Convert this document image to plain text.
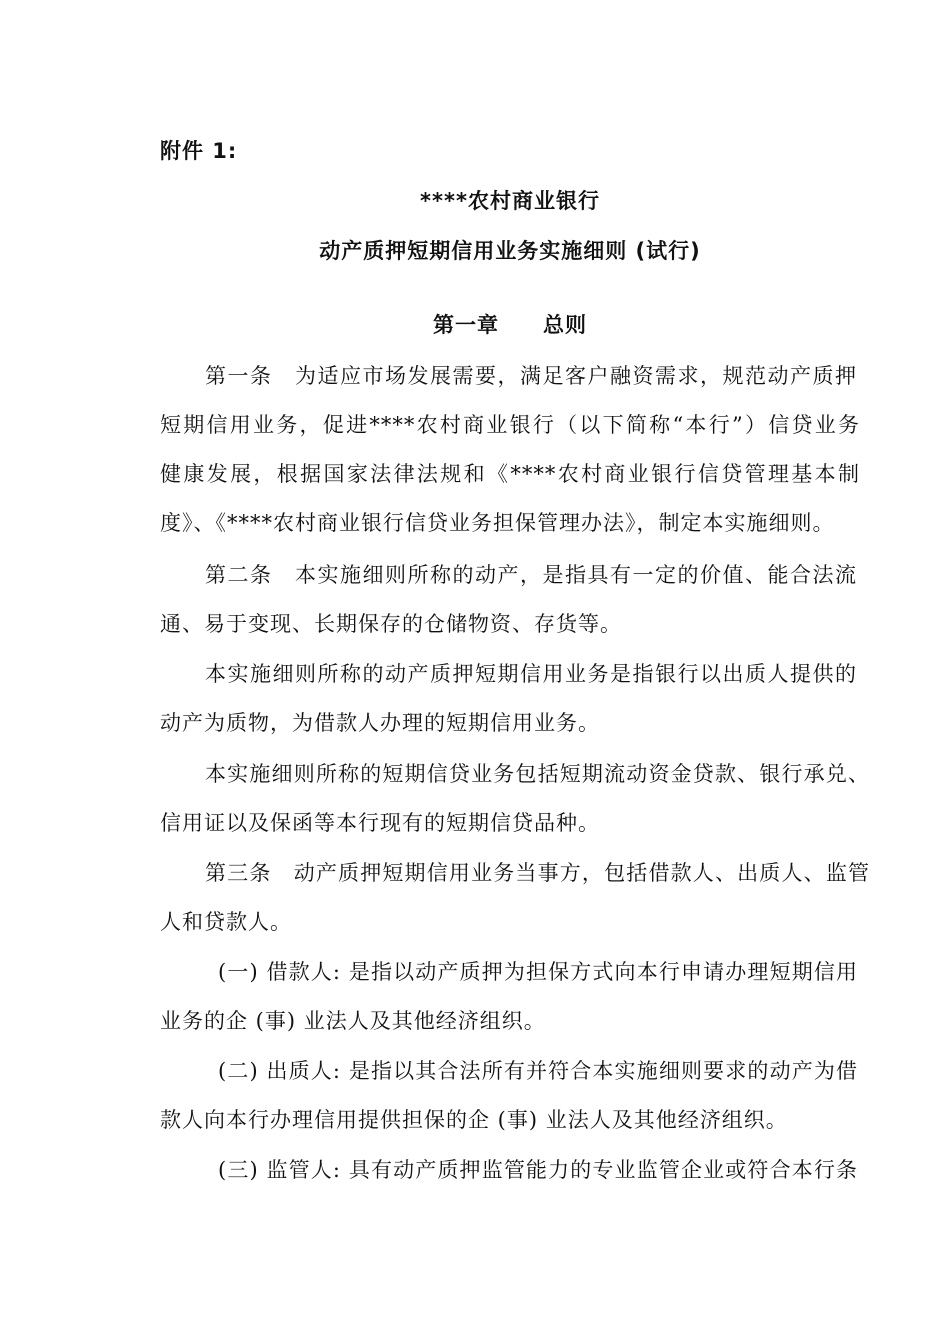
附件 1:
****农村商业银行
动产质押短期信用业务实施细则 (试行)
第一章　　总则
第一条　为适应市场发展需要，满足客户融资需求，规范动产质押
短期信用业务，促进****农村商业银行（以下简称“本行”）信贷业务
健康发展，根据国家法律法规和《****农村商业银行信贷管理基本制
度》、《****农村商业银行信贷业务担保管理办法》，制定本实施细则。
第二条　本实施细则所称的动产，是指具有一定的价值、能合法流
通、易于变现、长期保存的仓储物资、存货等。
本实施细则所称的动产质押短期信用业务是指银行以出质人提供的
动产为质物，为借款人办理的短期信用业务。
本实施细则所称的短期信贷业务包括短期流动资金贷款、银行承兑、
信用证以及保函等本行现有的短期信贷品种。
第三条　动产质押短期信用业务当事方，包括借款人、出质人、监管
人和贷款人。
(一) 借款人: 是指以动产质押为担保方式向本行申请办理短期信用
业务的企 (事) 业法人及其他经济组织。
(二) 出质人: 是指以其合法所有并符合本实施细则要求的动产为借
款人向本行办理信用提供担保的企 (事) 业法人及其他经济组织。
(三) 监管人: 具有动产质押监管能力的专业监管企业或符合本行条
